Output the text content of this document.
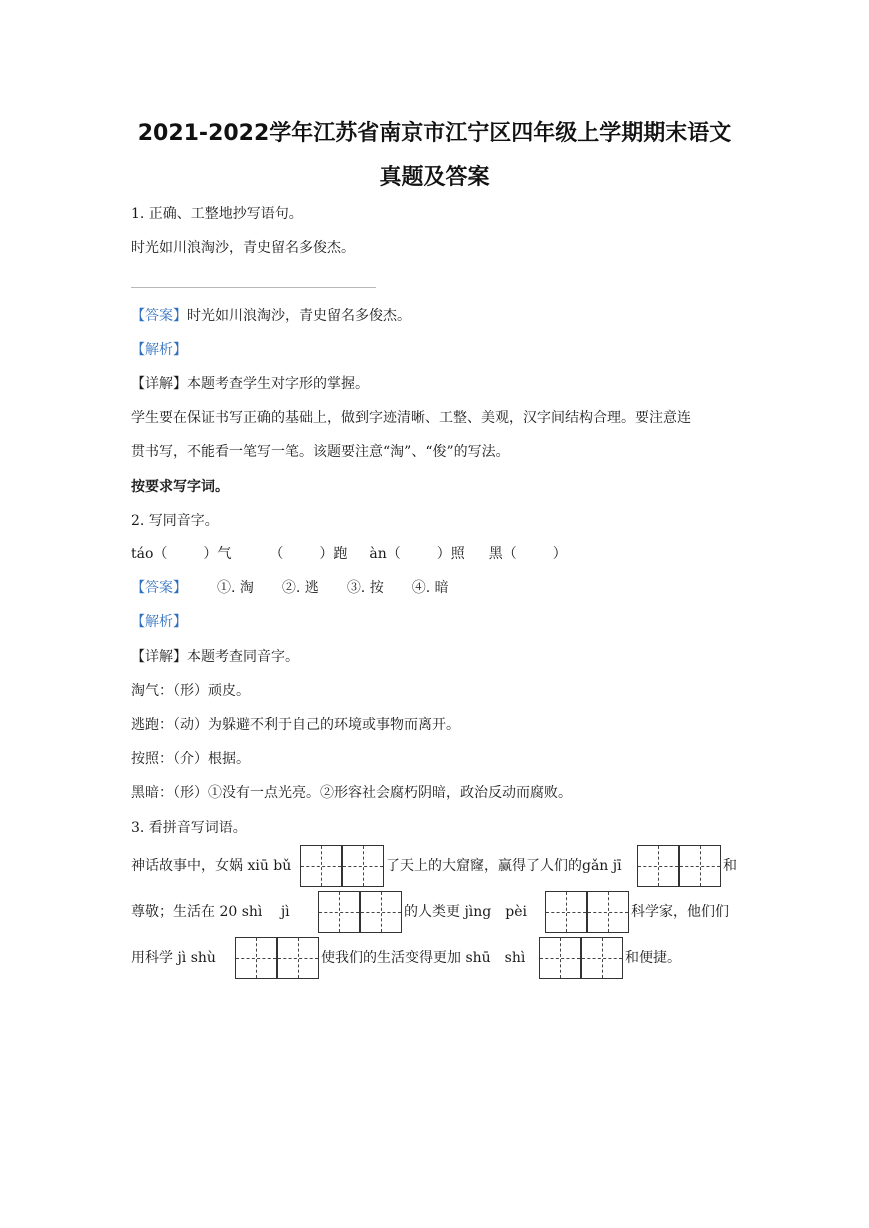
2021-2022学年江苏省南京市江宁区四年级上学期期末语文
真题及答案
1. 正确、工整地抄写语句。
时光如川浪淘沙，青史留名多俊杰。
【答案】时光如川浪淘沙，青史留名多俊杰。
【解析】
【详解】本题考查学生对字形的掌握。
学生要在保证书写正确的基础上，做到字迹清晰、工整、美观，汉字间结构合理。要注意连
贯书写，不能看一笔写一笔。该题要注意“淘”、“俊”的写法。
按要求写字词。
2. 写同音字。
táo（	）气	（	）跑 àn（	）照 黑（	）
【答案】 ①. 淘 ②. 逃 ③. 按 ④. 暗
【解析】
【详解】本题考查同音字。
淘气：（形）顽皮。
逃跑：（动）为躲避不利于自己的环境或事物而离开。
按照：（介）根据。
黑暗：（形）①没有一点光亮。②形容社会腐朽阴暗，政治反动而腐败。
3. 看拼音写词语。
神话故事中，女娲 xiū bǔ	了天上的大窟窿，赢得了人们的gǎn jī	和
尊敬；生活在 20 shì　 jì	的人类更 jìng　pèi	科学家，他们们
用科学 jì shù	使我们的生活变得更加 shū　shì	和便捷。
